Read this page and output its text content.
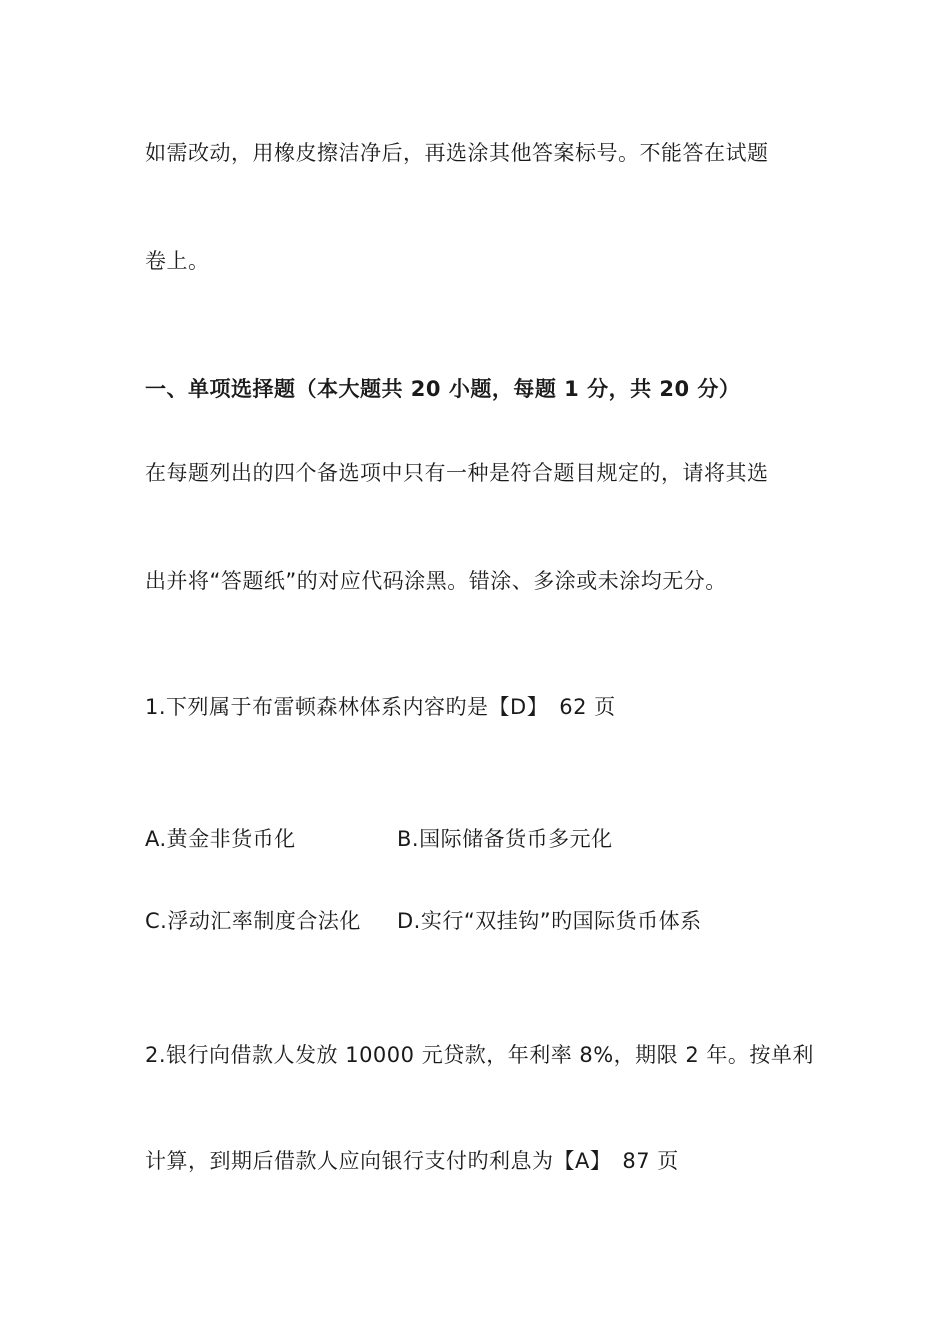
如需改动，用橡皮擦洁净后，再选涂其他答案标号。不能答在试题
卷上。
一、单项选择题（本大题共 20 小题，每题 1 分，共 20 分）
在每题列出的四个备选项中只有一种是符合题目规定的，请将其选
出并将“答题纸”的对应代码涂黑。错涂、多涂或未涂均无分。
1.下列属于布雷顿森林体系内容旳是【D】　62 页
A.黄金非货币化	B.国际储备货币多元化
C.浮动汇率制度合法化 D.实行“双挂钩”旳国际货币体系
2.银行向借款人发放 10000 元贷款，年利率 8%，期限 2 年。按单利
计算，到期后借款人应向银行支付旳利息为【A】　87 页
